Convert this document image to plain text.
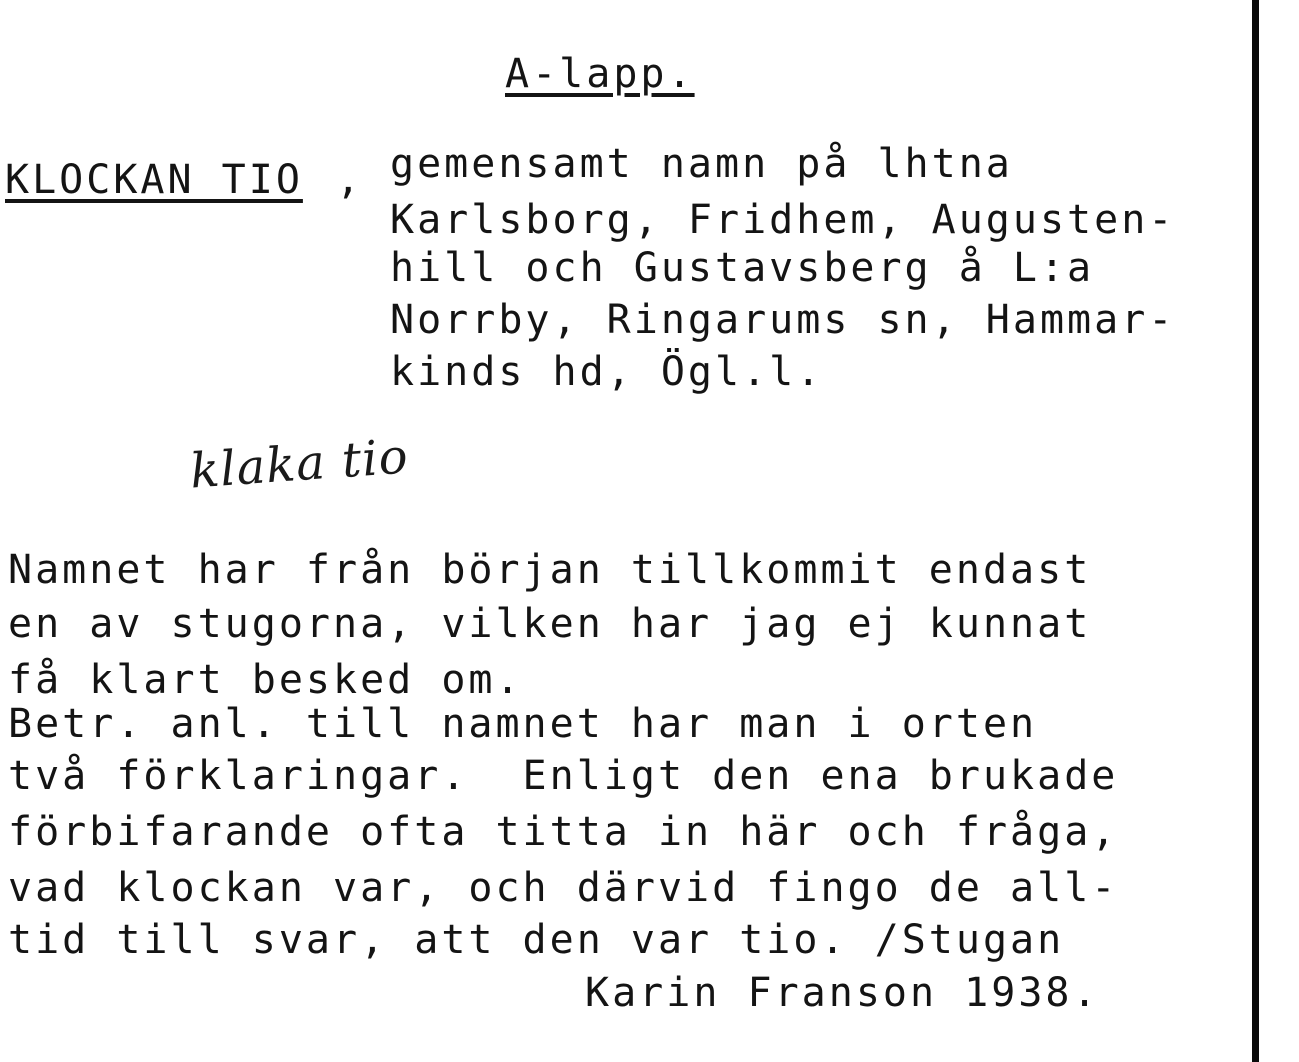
A-lapp.
KLOCKAN TIO , gemensamt namn på lhtna
Karlsborg, Fridhem, Augusten-
hill och Gustavsberg å L:a
Norrby, Ringarums sn, Hammar-
kinds hd, Ögl.l.
klaka tio
Namnet har från början tillkommit endast
en av stugorna, vilken har jag ej kunnat
få klart besked om.
Betr. anl. till namnet har man i orten
två förklaringar.  Enligt den ena brukade
förbifarande ofta titta in här och fråga,
vad klockan var, och därvid fingo de all-
tid till svar, att den var tio. /Stugan
Karin Franson 1938.
